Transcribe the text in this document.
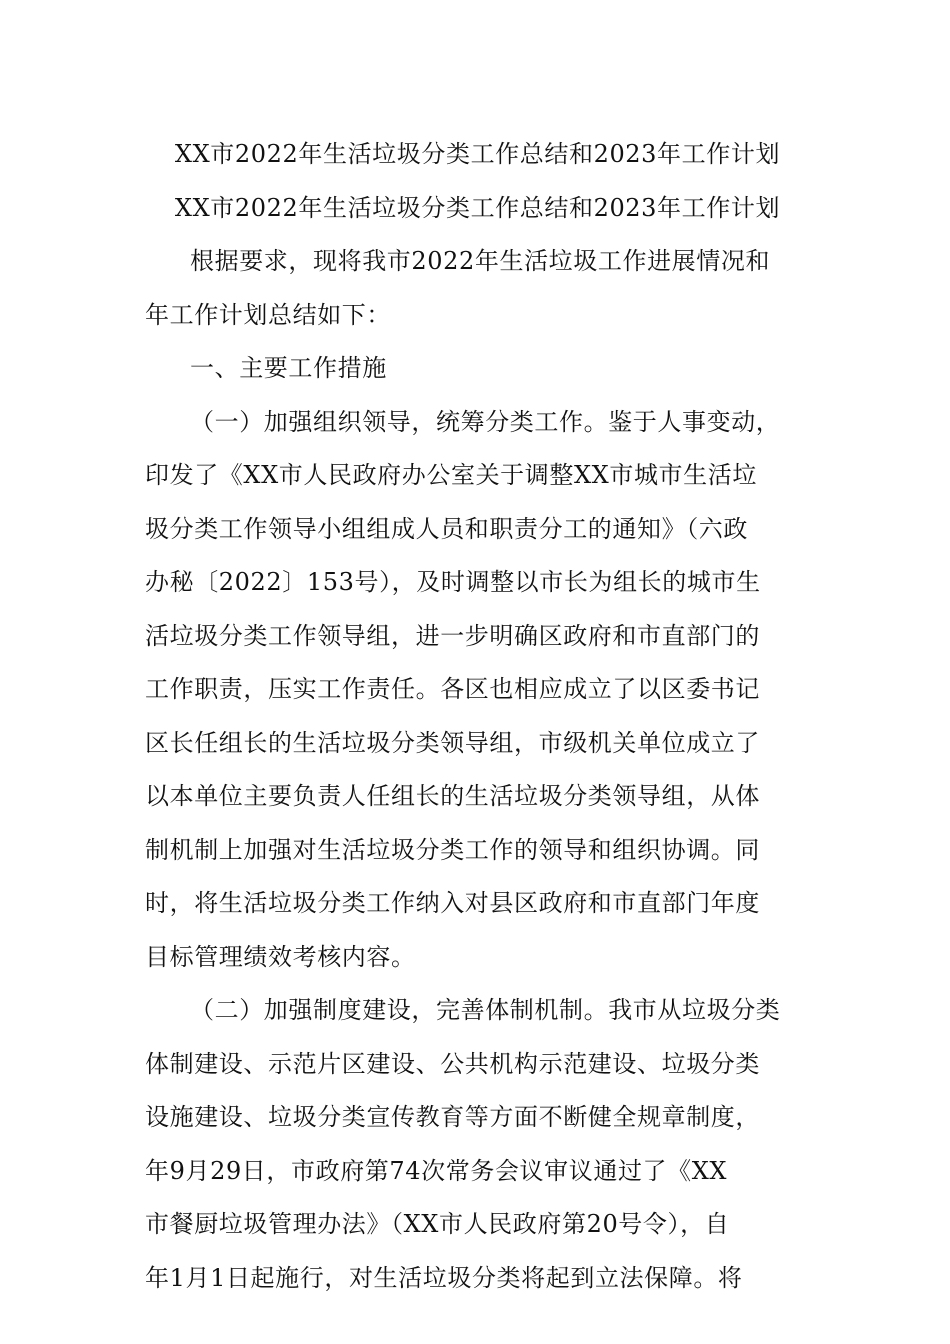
XX市2022年生活垃圾分类工作总结和2023年工作计划
XX市2022年生活垃圾分类工作总结和2023年工作计划
根据要求，现将我市2022年生活垃圾工作进展情况和
年工作计划总结如下：
一、主要工作措施
（一）加强组织领导，统筹分类工作。鉴于人事变动，
印发了《XX市人民政府办公室关于调整XX市城市生活垃
圾分类工作领导小组组成人员和职责分工的通知》（六政
办秘〔2022〕153号），及时调整以市长为组长的城市生
活垃圾分类工作领导组，进一步明确区政府和市直部门的
工作职责，压实工作责任。各区也相应成立了以区委书记
区长任组长的生活垃圾分类领导组，市级机关单位成立了
以本单位主要负责人任组长的生活垃圾分类领导组，从体
制机制上加强对生活垃圾分类工作的领导和组织协调。同
时，将生活垃圾分类工作纳入对县区政府和市直部门年度
目标管理绩效考核内容。
（二）加强制度建设，完善体制机制。我市从垃圾分类
体制建设、示范片区建设、公共机构示范建设、垃圾分类
设施建设、垃圾分类宣传教育等方面不断健全规章制度，
年9月29日，市政府第74次常务会议审议通过了《XX
市餐厨垃圾管理办法》（XX市人民政府第20号令），自
年1月1日起施行，对生活垃圾分类将起到立法保障。将
